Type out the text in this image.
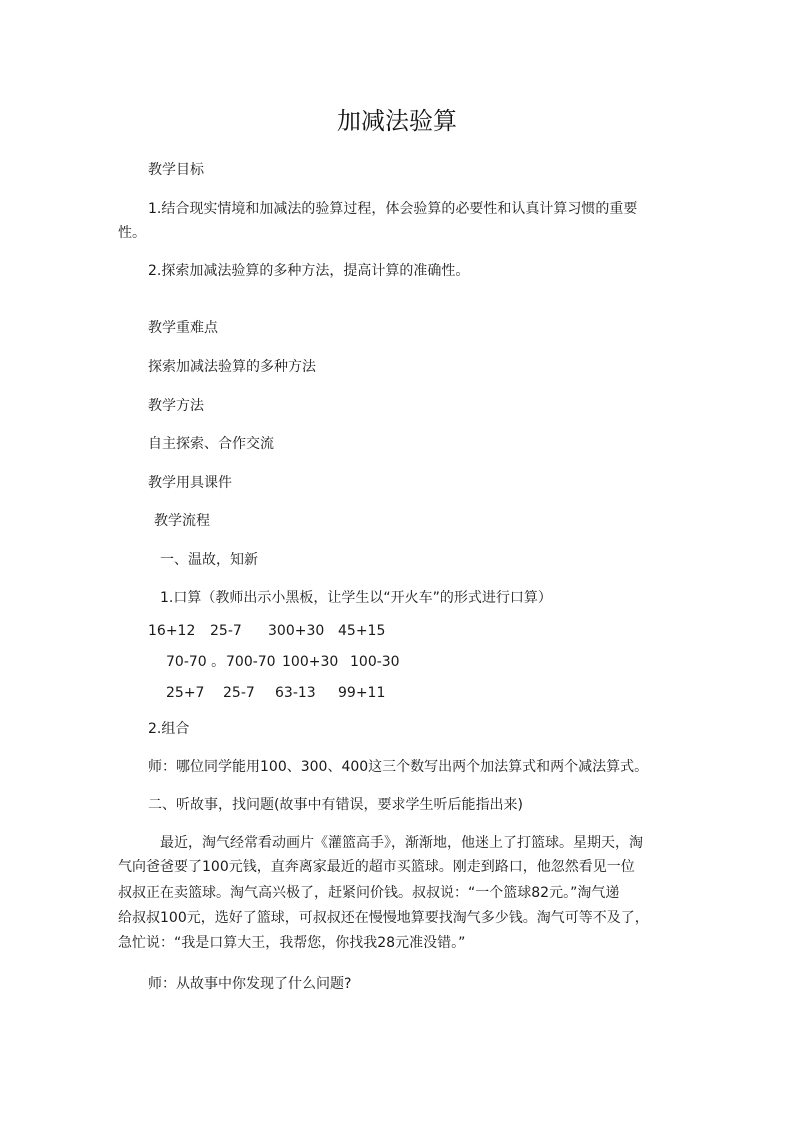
加减法验算
教学目标
1.结合现实情境和加减法的验算过程，体会验算的必要性和认真计算习惯的重要
性。
2.探索加减法验算的多种方法，提高计算的准确性。
教学重难点
探索加减法验算的多种方法
教学方法
自主探索、合作交流
教学用具课件
教学流程
一、温故，知新
1.口算（教师出示小黑板，让学生以“开火车”的形式进行口算）
16+12 25-7 300+30 45+15
70-70 。700-70 100+30 100-30
25+7 25-7 63-13 99+11
2.组合
师：哪位同学能用100、300、400这三个数写出两个加法算式和两个减法算式。
二、听故事，找问题(故事中有错误，要求学生听后能指出来)
最近，淘气经常看动画片《灌篮高手》，渐渐地，他迷上了打篮球。星期天，淘
气向爸爸要了100元钱，直奔离家最近的超市买篮球。刚走到路口，他忽然看见一位
叔叔正在卖篮球。淘气高兴极了，赶紧问价钱。叔叔说：“一个篮球82元。”淘气递
给叔叔100元，选好了篮球，可叔叔还在慢慢地算要找淘气多少钱。淘气可等不及了，
急忙说：“我是口算大王，我帮您，你找我28元准没错。”
师：从故事中你发现了什么问题?
